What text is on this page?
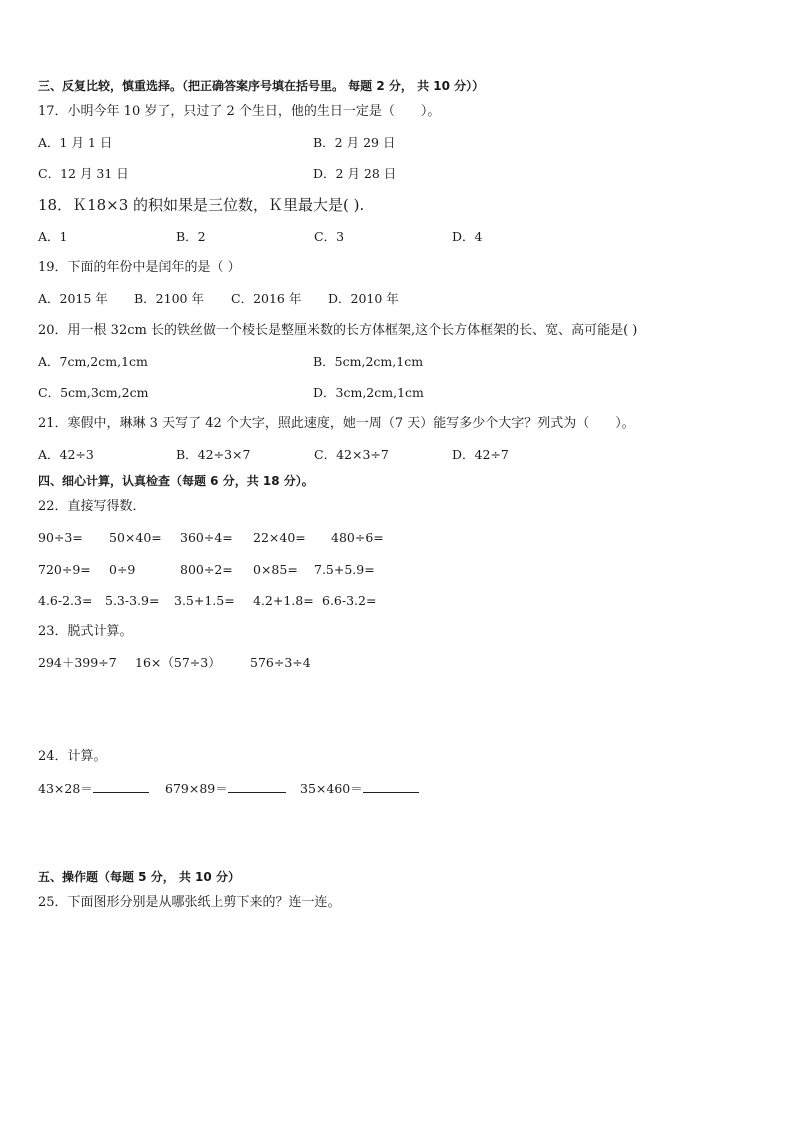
三、反复比较，慎重选择。（把正确答案序号填在括号里。 每题 2 分， 共 10 分））
17．小明今年 10 岁了，只过了 2 个生日，他的生日一定是（　　）。
A．1 月 1 日	B．2 月 29 日
C．12 月 31 日	D．2 月 28 日
18．Ｋ18×3 的积如果是三位数，Ｋ里最大是( ).
A．1	B．2	C．3	D．4
19．下面的年份中是闰年的是（ ）
A．2015 年 B．2100 年 C．2016 年 D．2010 年
20．用一根 32cm 长的铁丝做一个棱长是整厘米数的长方体框架,这个长方体框架的长、宽、高可能是( )
A．7cm,2cm,1cm	B．5cm,2cm,1cm
C．5cm,3cm,2cm	D．3cm,2cm,1cm
21．寒假中，琳琳 3 天写了 42 个大字，照此速度，她一周（7 天）能写多少个大字？列式为（　　）。
A．42÷3	B．42÷3×7	C．42×3÷7	D．42÷7
四、细心计算，认真检查（每题 6 分，共 18 分）。
22．直接写得数．
90÷3= 50×40= 360÷4= 22×40= 480÷6=
720÷9= 0÷9	800÷2= 0×85= 7.5+5.9=
4.6-2.3= 5.3-3.9= 3.5+1.5= 4.2+1.8= 6.6-3.2=
23．脱式计算。
294＋399÷7 16×（57÷3） 576÷3÷4
24．计算。
43×28＝	679×89＝	35×460＝
五、操作题（每题 5 分， 共 10 分）
25．下面图形分别是从哪张纸上剪下来的？连一连。
